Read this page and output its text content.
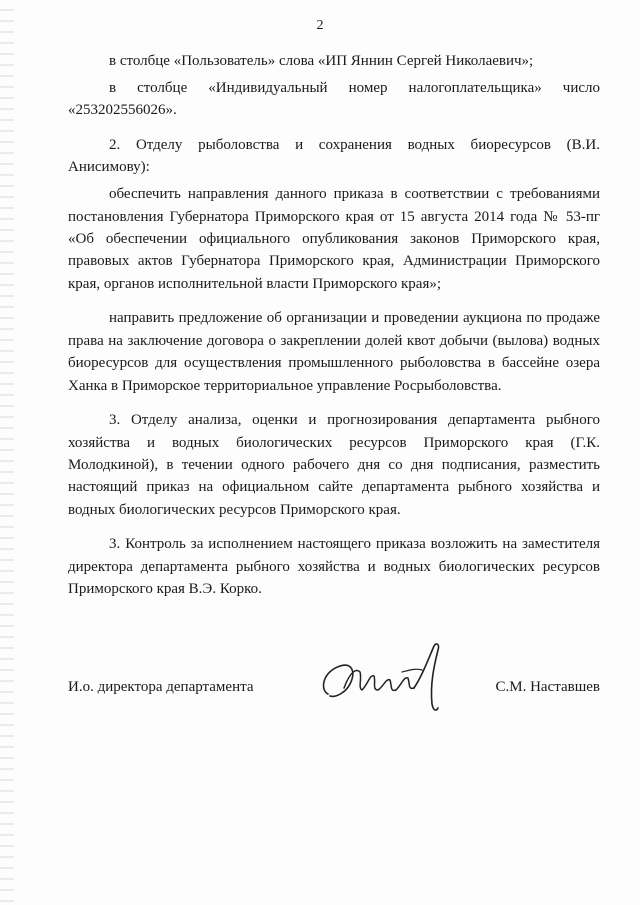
2

в столбце «Пользователь» слова «ИП Яннин Сергей Николаевич»;

в столбце «Индивидуальный номер налогоплательщика» число «253202556026».

2. Отделу рыболовства и сохранения водных биоресурсов (В.И. Анисимову):

обеспечить направления данного приказа в соответствии с требованиями постановления Губернатора Приморского края от 15 августа 2014 года № 53-пг «Об обеспечении официального опубликования законов Приморского края, правовых актов Губернатора Приморского края, Администрации Приморского края, органов исполнительной власти Приморского края»;

направить предложение об организации и проведении аукциона по продаже права на заключение договора о закреплении долей квот добычи (вылова) водных биоресурсов для осуществления промышленного рыболовства в бассейне озера Ханка в Приморское территориальное управление Росрыболовства.

3. Отделу анализа, оценки и прогнозирования департамента рыбного хозяйства и водных биологических ресурсов Приморского края (Г.К. Молодкиной), в течении одного рабочего дня со дня подписания, разместить настоящий приказ на официальном сайте департамента рыбного хозяйства и водных биологических ресурсов Приморского края.

3. Контроль за исполнением настоящего приказа возложить на заместителя директора департамента рыбного хозяйства и водных биологических ресурсов Приморского края В.Э. Корко.

И.о. директора департамента	С.М. Наставшев
